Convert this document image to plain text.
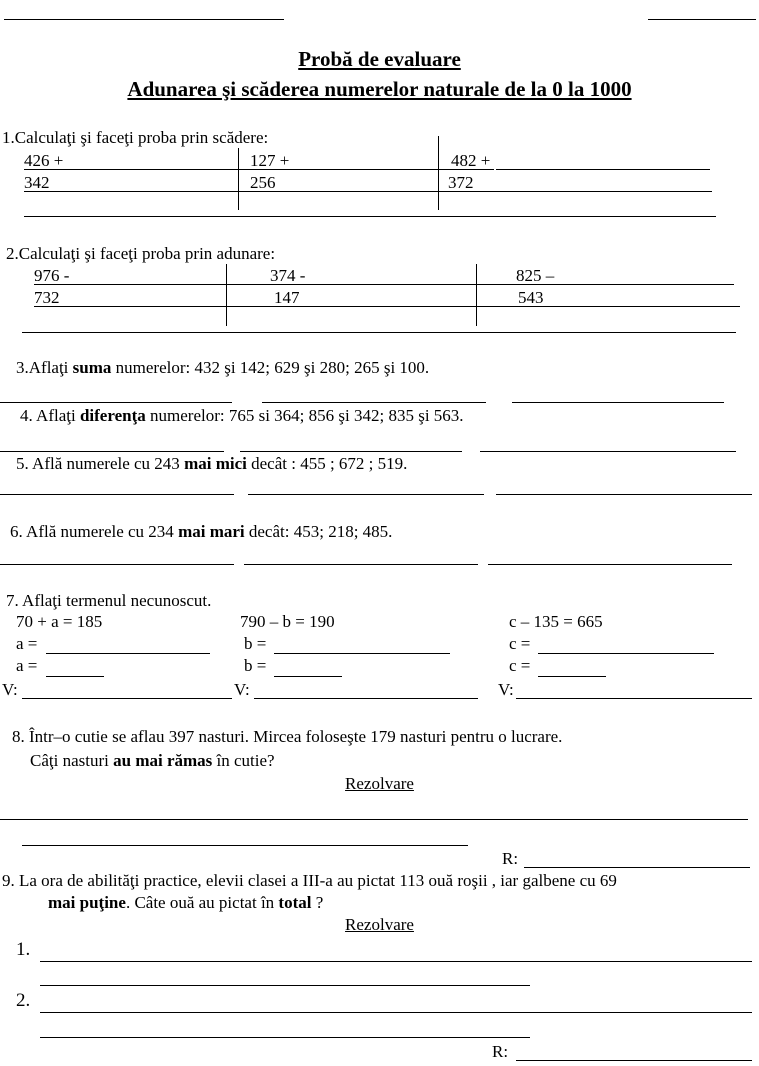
Probă de evaluare
Adunarea şi scăderea numerelor naturale de la 0 la 1000
1.Calculaţi şi faceţi proba prin scădere:
426 +	127 +	482 +
342	256	372
2.Calculaţi şi faceţi proba prin adunare:
976 -	374 -	825 –
732	147	543
3.Aflaţi suma numerelor: 432 şi 142; 629 şi 280; 265 şi 100.
4. Aflaţi diferenţa numerelor: 765 si 364; 856 şi 342; 835 şi 563.
5. Află numerele cu 243 mai mici decât : 455 ; 672 ; 519.
6. Află numerele cu 234 mai mari decât: 453; 218; 485.
7. Aflaţi termenul necunoscut.
70 + a = 185	790 – b = 190	c – 135 = 665
a =	b =	c =
a =	b =	c =
V:	V:	V:
8. Într–o cutie se aflau 397 nasturi. Mircea foloseşte 179 nasturi pentru o lucrare.
Câţi nasturi au mai rămas în cutie?
Rezolvare
R:
9. La ora de abilităţi practice, elevii clasei a III-a au pictat 113 ouă roşii , iar galbene cu 69
mai puţine. Câte ouă au pictat în total ?
Rezolvare
1.
2.
R:
